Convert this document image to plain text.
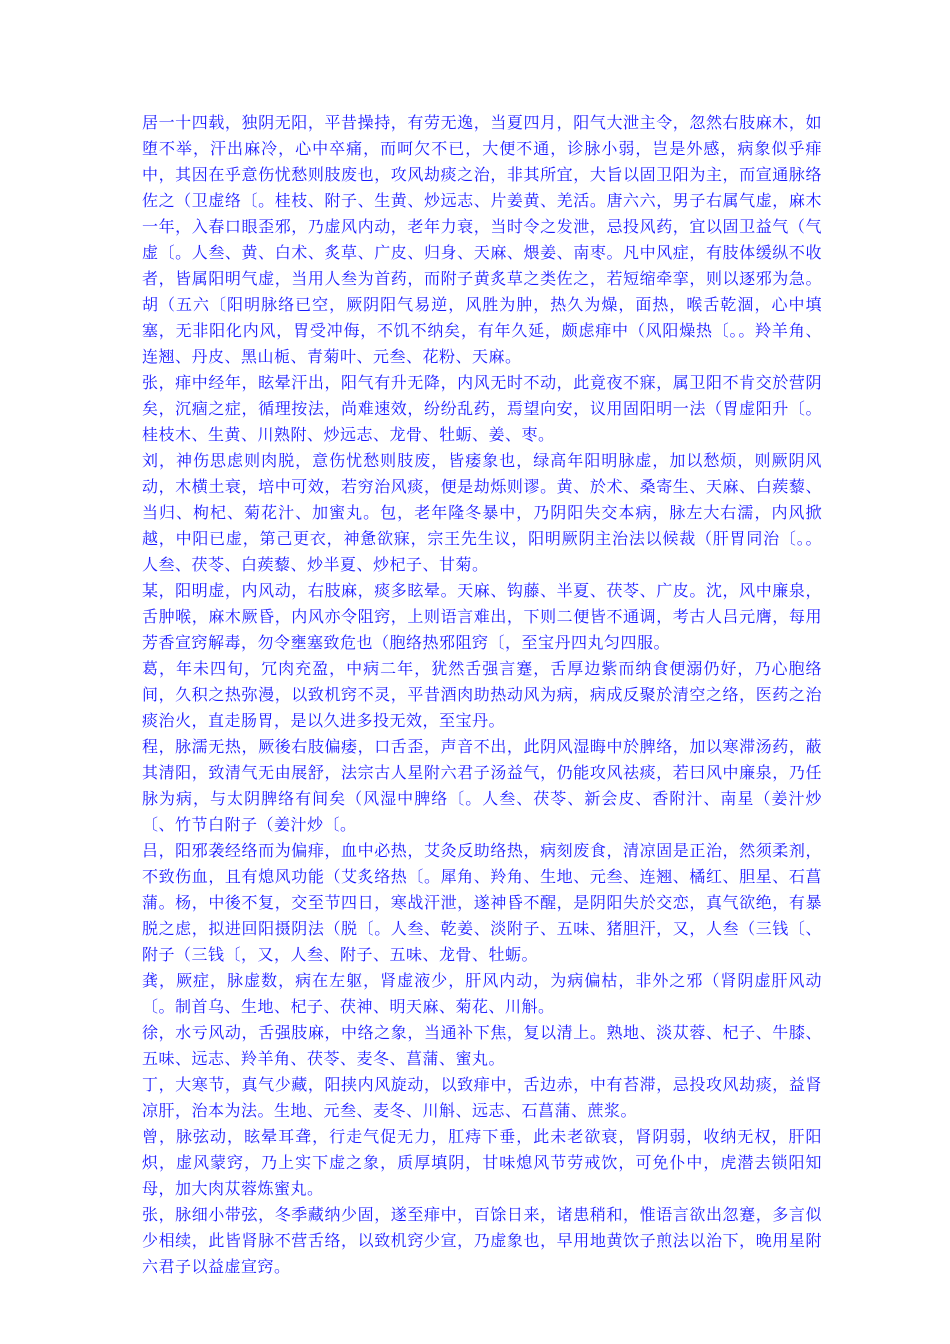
居一十四载，独阴无阳，平昔操持，有劳无逸，当夏四月，阳气大泄主令，忽然右肢麻木，如堕不举，汗出麻冷，心中卒痛，而呵欠不已，大便不通，诊脉小弱，岂是外感，病象似乎痱中，其因在乎意伤忧愁则肢废也，攻风劫痰之治，非其所宜，大旨以固卫阳为主，而宣通脉络佐之（卫虚络〔。桂枝、附子、生黄、炒远志、片姜黄、羌活。唐六六，男子右属气虚，麻木一年，入春口眼歪邪，乃虚风内动，老年力衰，当时令之发泄，忌投风药，宜以固卫益气（气虚〔。人叁、黄、白术、炙草、广皮、归身、天麻、煨姜、南枣。凡中风症，有肢体缓纵不收者，皆属阳明气虚，当用人叁为首药，而附子黄炙草之类佐之，若短缩牵挛，则以逐邪为急。胡（五六〔阳明脉络已空，厥阴阳气易逆，风胜为肿，热久为燥，面热，喉舌乾涸，心中填塞，无非阳化内风，胃受冲侮，不饥不纳矣，有年久延，颇虑痱中（风阳燥热〔。。羚羊角、连翘、丹皮、黑山栀、青菊叶、元叁、花粉、天麻。

张，痱中经年，眩晕汗出，阳气有升无降，内风无时不动，此竟夜不寐，属卫阳不肯交於营阴矣，沉痼之症，循理按法，尚难速效，纷纷乱药，焉望向安，议用固阳明一法（胃虚阳升〔。桂枝木、生黄、川熟附、炒远志、龙骨、牡蛎、姜、枣。

刘，神伤思虑则肉脱，意伤忧愁则肢废，皆痿象也，绿高年阳明脉虚，加以愁烦，则厥阴风动，木横土衰，培中可效，若穷治风痰，便是劫烁则谬。黄、於术、桑寄生、天麻、白蒺藜、当归、枸杞、菊花汁、加蜜丸。包，老年隆冬暴中，乃阴阳失交本病，脉左大右濡，内风掀越，中阳已虚，第己更衣，神惫欲寐，宗王先生议，阳明厥阴主治法以候裁（肝胃同治〔。。人叁、茯苓、白蒺藜、炒半夏、炒杞子、甘菊。

某，阳明虚，内风动，右肢麻，痰多眩晕。天麻、钩藤、半夏、茯苓、广皮。沈，风中廉泉，舌肿喉，麻木厥昏，内风亦令阻窍，上则语言难出，下则二便皆不通调，考古人吕元膺，每用芳香宣窍解毒，勿令壅塞致危也（胞络热邪阻窍〔，至宝丹四丸匀四服。

葛，年未四旬，冗肉充盈，中病二年，犹然舌强言蹇，舌厚边紫而纳食便溺仍好，乃心胞络间，久积之热弥漫，以致机窍不灵，平昔酒肉助热动风为病，病成反聚於清空之络，医药之治痰治火，直走肠胃，是以久进多投无效，至宝丹。

程，脉濡无热，厥後右肢偏痿，口舌歪，声音不出，此阴风湿晦中於脾络，加以寒滞汤药，蔽其清阳，致清气无由展舒，法宗古人星附六君子汤益气，仍能攻风祛痰，若曰风中廉泉，乃任脉为病，与太阴脾络有间矣（风湿中脾络〔。人叁、茯苓、新会皮、香附汁、南星（姜汁炒〔、竹节白附子（姜汁炒〔。

吕，阳邪袭经络而为偏痱，血中必热，艾灸反助络热，病刻废食，清凉固是正治，然须柔剂，不致伤血，且有熄风功能（艾炙络热〔。犀角、羚角、生地、元叁、连翘、橘红、胆星、石菖蒲。杨，中後不复，交至节四日，寒战汗泄，遂神昏不醒，是阴阳失於交恋，真气欲绝，有暴脱之虑，拟进回阳摄阴法（脱〔。人叁、乾姜、淡附子、五味、猪胆汗，又，人叁（三钱〔、附子（三钱〔，又，人叁、附子、五味、龙骨、牡蛎。

龚，厥症，脉虚数，病在左躯，肾虚液少，肝风内动，为病偏枯，非外之邪（肾阴虚肝风动〔。制首乌、生地、杞子、茯神、明天麻、菊花、川斛。

徐，水亏风动，舌强肢麻，中络之象，当通补下焦，复以清上。熟地、淡苁蓉、杞子、牛膝、五味、远志、羚羊角、茯苓、麦冬、菖蒲、蜜丸。

丁，大寒节，真气少藏，阳挟内风旋动，以致痱中，舌边赤，中有苔滞，忌投攻风劫痰，益肾凉肝，治本为法。生地、元叁、麦冬、川斛、远志、石菖蒲、蔗浆。

曾，脉弦动，眩晕耳聋，行走气促无力，肛痔下垂，此未老欲衰，肾阴弱，收纳无权，肝阳炽，虚风蒙窍，乃上实下虚之象，质厚填阴，甘味熄风节劳戒饮，可免仆中，虎潜去锁阳知母，加大肉苁蓉炼蜜丸。

张，脉细小带弦，冬季藏纳少固，遂至痱中，百馀日来，诸患稍和，惟语言欲出忽蹇，多言似少相续，此皆肾脉不营舌络，以致机窍少宣，乃虚象也，早用地黄饮子煎法以治下，晚用星附六君子以益虚宣窍。
